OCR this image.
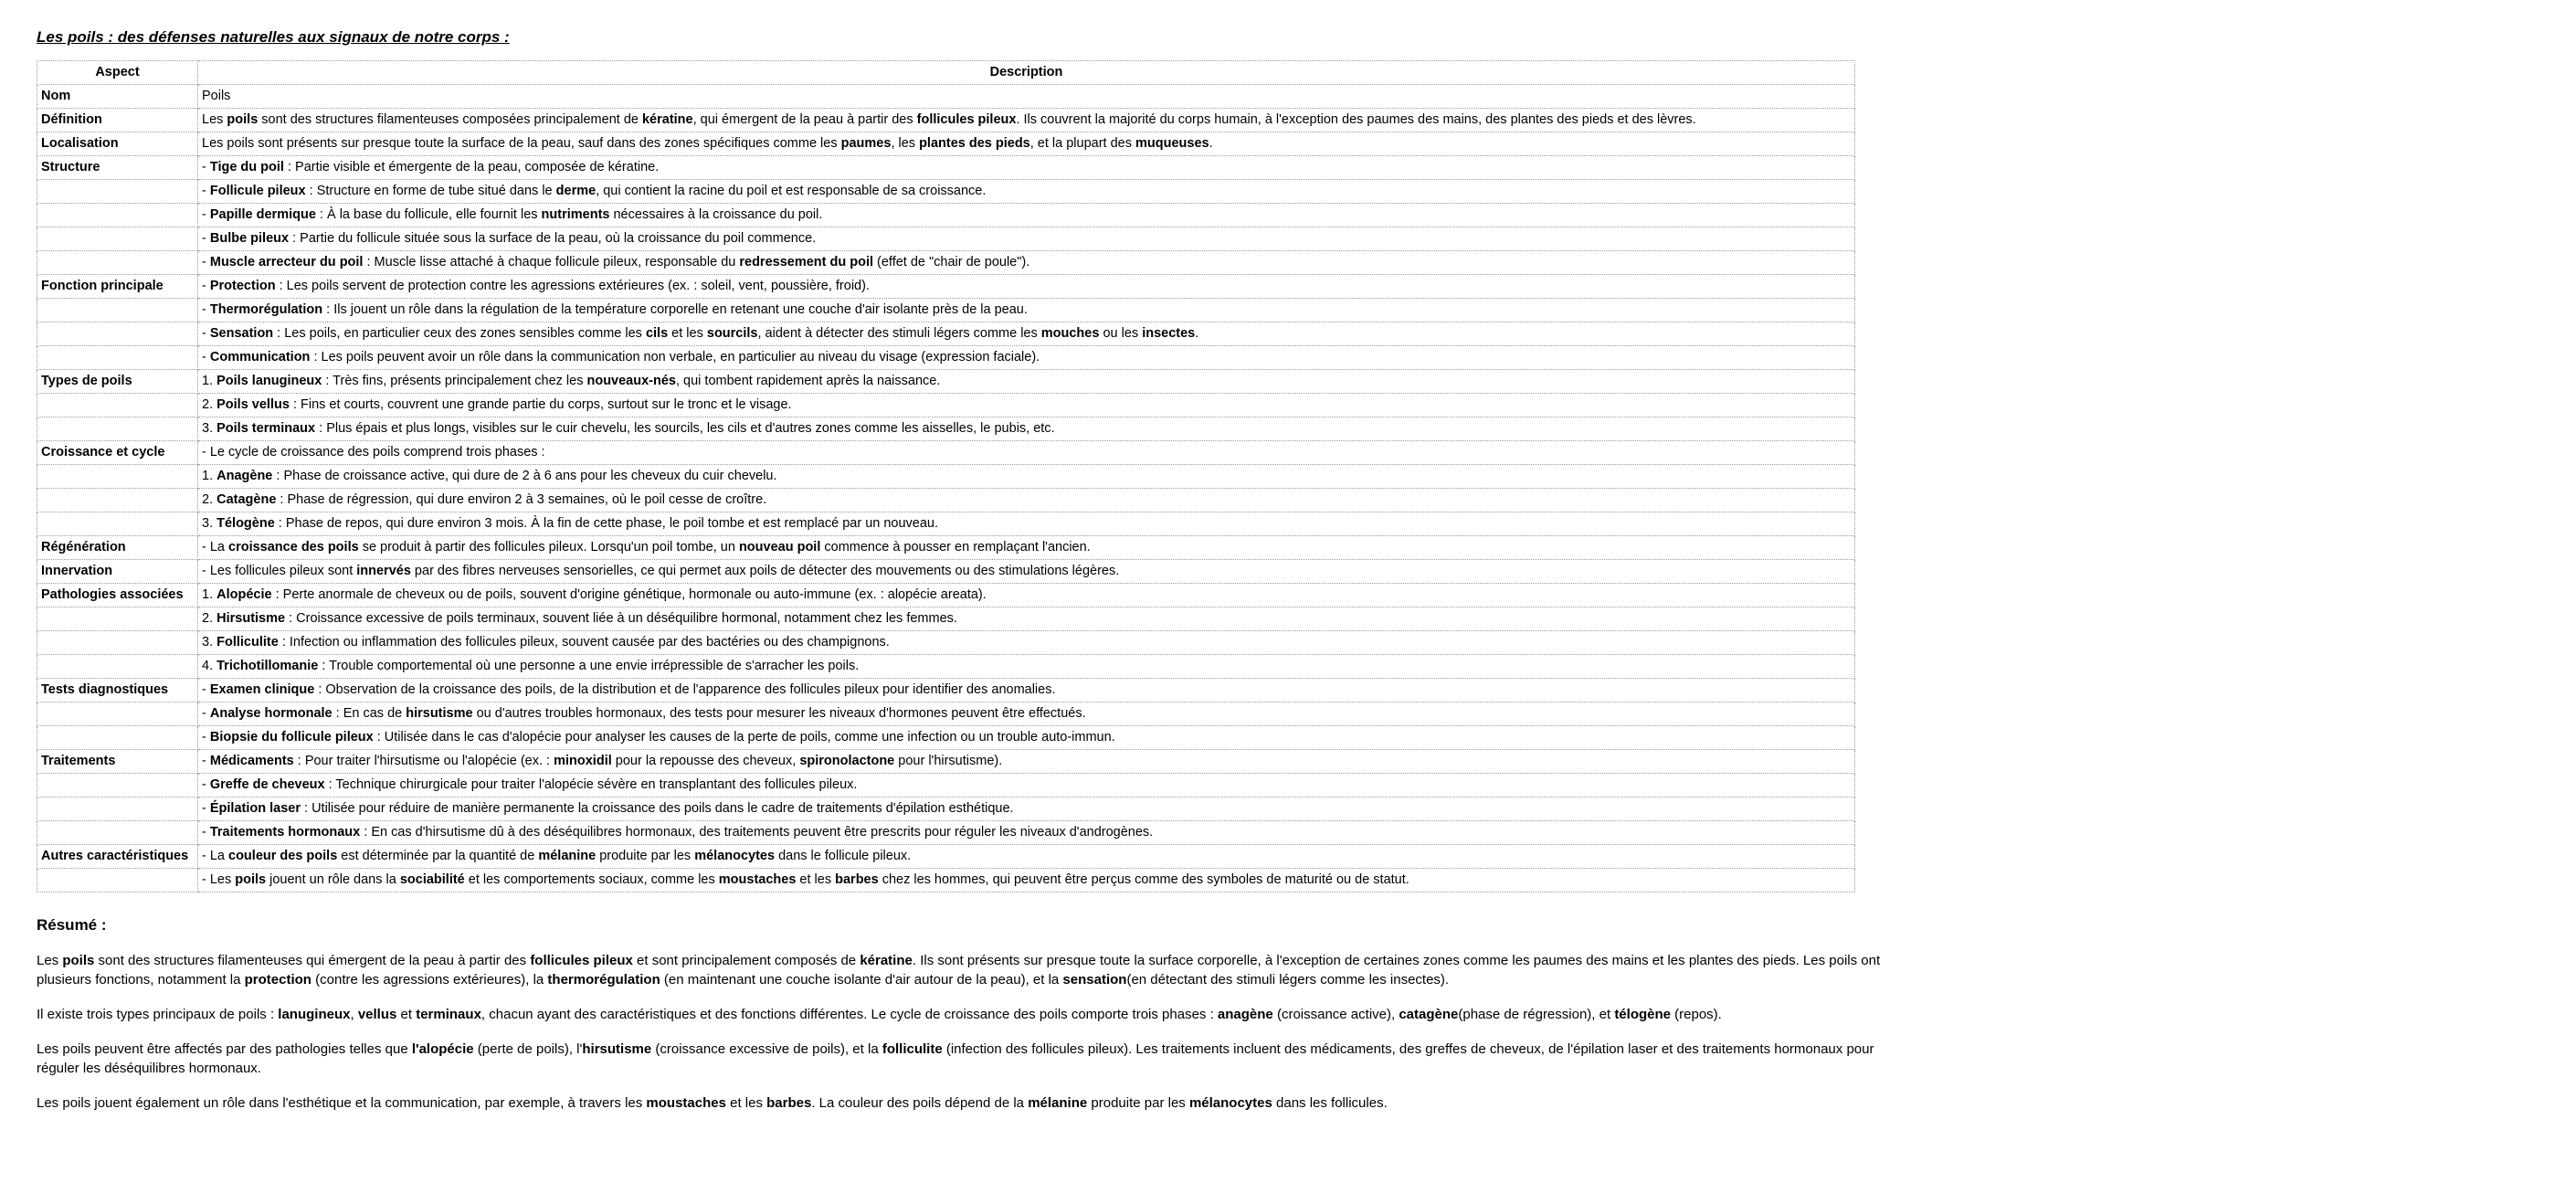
Les poils : des défenses naturelles aux signaux de notre corps :
Aspect	Description
Nom	Poils
Définition	Les poils sont des structures filamenteuses composées principalement de kératine, qui émergent de la peau à partir des follicules pileux. Ils couvrent la majorité du corps humain, à l'exception des paumes des mains, des plantes des pieds et des lèvres.
Localisation	Les poils sont présents sur presque toute la surface de la peau, sauf dans des zones spécifiques comme les paumes, les plantes des pieds, et la plupart des muqueuses.
Structure	- Tige du poil : Partie visible et émergente de la peau, composée de kératine.
	- Follicule pileux : Structure en forme de tube situé dans le derme, qui contient la racine du poil et est responsable de sa croissance.
	- Papille dermique : À la base du follicule, elle fournit les nutriments nécessaires à la croissance du poil.
	- Bulbe pileux : Partie du follicule située sous la surface de la peau, où la croissance du poil commence.
	- Muscle arrecteur du poil : Muscle lisse attaché à chaque follicule pileux, responsable du redressement du poil (effet de "chair de poule").
Fonction principale	- Protection : Les poils servent de protection contre les agressions extérieures (ex. : soleil, vent, poussière, froid).
	- Thermorégulation : Ils jouent un rôle dans la régulation de la température corporelle en retenant une couche d'air isolante près de la peau.
	- Sensation : Les poils, en particulier ceux des zones sensibles comme les cils et les sourcils, aident à détecter des stimuli légers comme les mouches ou les insectes.
	- Communication : Les poils peuvent avoir un rôle dans la communication non verbale, en particulier au niveau du visage (expression faciale).
Types de poils	1. Poils lanugineux : Très fins, présents principalement chez les nouveaux-nés, qui tombent rapidement après la naissance.
	2. Poils vellus : Fins et courts, couvrent une grande partie du corps, surtout sur le tronc et le visage.
	3. Poils terminaux : Plus épais et plus longs, visibles sur le cuir chevelu, les sourcils, les cils et d'autres zones comme les aisselles, le pubis, etc.
Croissance et cycle	- Le cycle de croissance des poils comprend trois phases :
	1. Anagène : Phase de croissance active, qui dure de 2 à 6 ans pour les cheveux du cuir chevelu.
	2. Catagène : Phase de régression, qui dure environ 2 à 3 semaines, où le poil cesse de croître.
	3. Télogène : Phase de repos, qui dure environ 3 mois. À la fin de cette phase, le poil tombe et est remplacé par un nouveau.
Régénération	- La croissance des poils se produit à partir des follicules pileux. Lorsqu'un poil tombe, un nouveau poil commence à pousser en remplaçant l'ancien.
Innervation	- Les follicules pileux sont innervés par des fibres nerveuses sensorielles, ce qui permet aux poils de détecter des mouvements ou des stimulations légères.
Pathologies associées	1. Alopécie : Perte anormale de cheveux ou de poils, souvent d'origine génétique, hormonale ou auto-immune (ex. : alopécie areata).
	2. Hirsutisme : Croissance excessive de poils terminaux, souvent liée à un déséquilibre hormonal, notamment chez les femmes.
	3. Folliculite : Infection ou inflammation des follicules pileux, souvent causée par des bactéries ou des champignons.
	4. Trichotillomanie : Trouble comportemental où une personne a une envie irrépressible de s'arracher les poils.
Tests diagnostiques	- Examen clinique : Observation de la croissance des poils, de la distribution et de l'apparence des follicules pileux pour identifier des anomalies.
	- Analyse hormonale : En cas de hirsutisme ou d'autres troubles hormonaux, des tests pour mesurer les niveaux d'hormones peuvent être effectués.
	- Biopsie du follicule pileux : Utilisée dans le cas d'alopécie pour analyser les causes de la perte de poils, comme une infection ou un trouble auto-immun.
Traitements	- Médicaments : Pour traiter l'hirsutisme ou l'alopécie (ex. : minoxidil pour la repousse des cheveux, spironolactone pour l'hirsutisme).
	- Greffe de cheveux : Technique chirurgicale pour traiter l'alopécie sévère en transplantant des follicules pileux.
	- Épilation laser : Utilisée pour réduire de manière permanente la croissance des poils dans le cadre de traitements d'épilation esthétique.
	- Traitements hormonaux : En cas d'hirsutisme dû à des déséquilibres hormonaux, des traitements peuvent être prescrits pour réguler les niveaux d'androgènes.
Autres caractéristiques	- La couleur des poils est déterminée par la quantité de mélanine produite par les mélanocytes dans le follicule pileux.
	- Les poils jouent un rôle dans la sociabilité et les comportements sociaux, comme les moustaches et les barbes chez les hommes, qui peuvent être perçus comme des symboles de maturité ou de statut.
Résumé :

Les poils sont des structures filamenteuses qui émergent de la peau à partir des follicules pileux et sont principalement composés de kératine. Ils sont présents sur presque toute la surface corporelle, à l'exception de certaines zones comme les paumes des mains et les plantes des pieds. Les poils ont plusieurs fonctions, notamment la protection (contre les agressions extérieures), la thermorégulation (en maintenant une couche isolante d'air autour de la peau), et la sensation(en détectant des stimuli légers comme les insectes).

Il existe trois types principaux de poils : lanugineux, vellus et terminaux, chacun ayant des caractéristiques et des fonctions différentes. Le cycle de croissance des poils comporte trois phases : anagène (croissance active), catagène(phase de régression), et télogène (repos).

Les poils peuvent être affectés par des pathologies telles que l'alopécie (perte de poils), l'hirsutisme (croissance excessive de poils), et la folliculite (infection des follicules pileux). Les traitements incluent des médicaments, des greffes de cheveux, de l'épilation laser et des traitements hormonaux pour réguler les déséquilibres hormonaux.

Les poils jouent également un rôle dans l'esthétique et la communication, par exemple, à travers les moustaches et les barbes. La couleur des poils dépend de la mélanine produite par les mélanocytes dans les follicules.
